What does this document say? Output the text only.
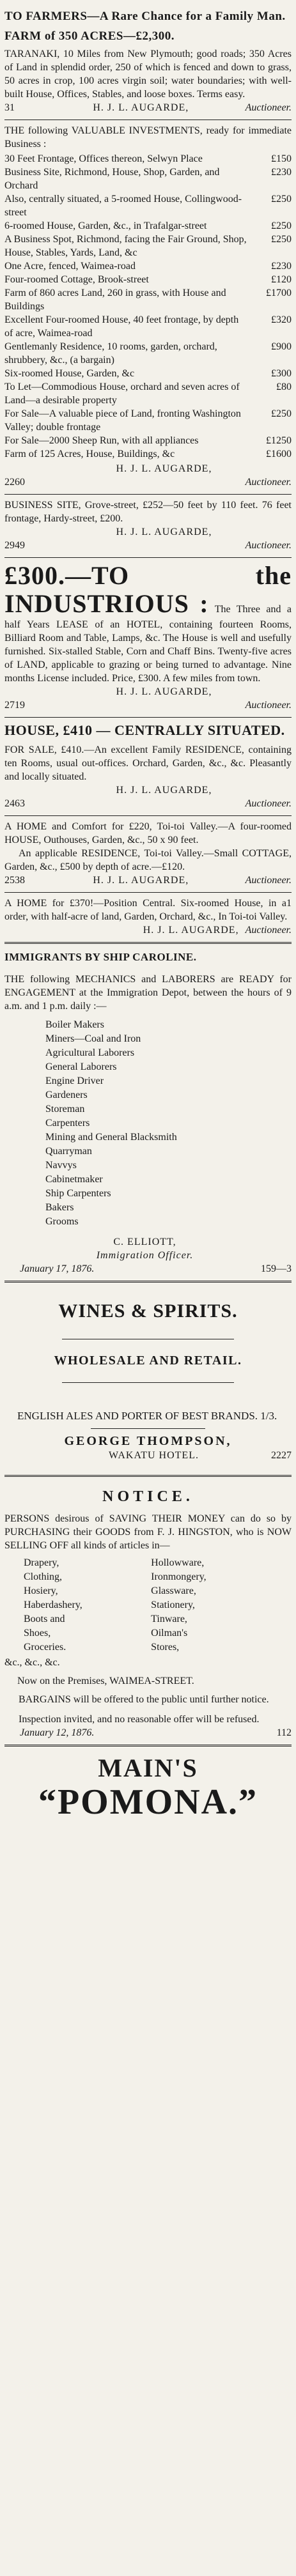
TO FARMERS—A Rare Chance for a Family Man.

FARM of 350 ACRES—£2,300.

TARANAKI, 10 Miles from New Plymouth; good roads; 350 Acres of Land in splendid order, 250 of which is fenced and down to grass, 50 acres in crop, 100 acres virgin soil; water boundaries; with well-built House, Offices, Stables, and loose boxes. Terms easy.

31	H. J. L. AUGARDE,	Auctioneer.

THE following VALUABLE INVESTMENTS, ready for immediate Business :

30 Feet Frontage, Offices thereon, Selwyn Place	£150
Business Site, Richmond, House, Shop, Garden, and Orchard
£230
Also, centrally situated, a 5-roomed House, Collingwood-street
£250
6-roomed House, Garden, &c., in Trafalgar-street	£250
A Business Spot, Richmond, facing the Fair Ground, Shop, House, Stables, Yards, Land, &c
£250
One Acre, fenced, Waimea-road	£230
Four-roomed Cottage, Brook-street	£120
Farm of 860 acres Land, 260 in grass, with House and Buildings
£1700
Excellent Four-roomed House, 40 feet frontage, by depth of acre, Waimea-road
£320
Gentlemanly Residence, 10 rooms, garden, orchard, shrubbery, &c., (a bargain)
£900
Six-roomed House, Garden, &c	£300
To Let—Commodious House, orchard and seven acres of Land—a desirable property
£80
For Sale—A valuable piece of Land, fronting Washington Valley; double frontage
£250
For Sale—2000 Sheep Run, with all appliances	£1250
Farm of 125 Acres, House, Buildings, &c	£1600
H. J. L. AUGARDE,
2260	Auctioneer.

BUSINESS SITE, Grove-street, £252—50 feet by 110 feet. 76 feet frontage, Hardy-street, £200.

H. J. L. AUGARDE,
2949	Auctioneer.

£300.—TO the INDUSTRIOUS : The Three and a half Years LEASE of an HOTEL, containing fourteen Rooms, Billiard Room and Table, Lamps, &c. The House is well and usefully furnished. Six-stalled Stable, Corn and Chaff Bins. Twenty-five acres of LAND, applicable to grazing or being turned to advantage. Nine months License included. Price, £300. A few miles from town.

H. J. L. AUGARDE,
2719	Auctioneer.

HOUSE, £410 — CENTRALLY SITUATED.

FOR SALE, £410.—An excellent Family RESIDENCE, containing ten Rooms, usual out-offices. Orchard, Garden, &c., &c. Pleasantly and locally situated.

H. J. L. AUGARDE,
2463	Auctioneer.

A HOME and Comfort for £220, Toi-toi Valley.—A four-roomed HOUSE, Outhouses, Garden, &c., 50 x 90 feet.

An applicable RESIDENCE, Toi-toi Valley.—Small COTTAGE, Garden, &c., £500 by depth of acre.—£120.

2538	H. J. L. AUGARDE,	Auctioneer.

A HOME for £370!—Position Central. Six-roomed House, in a1 order, with half-acre of land, Garden, Orchard, &c., In Toi-toi Valley.

H. J. L. AUGARDE, Auctioneer.

IMMIGRANTS BY SHIP CAROLINE.

THE following MECHANICS and LABORERS are READY for ENGAGEMENT at the Immigration Depot, between the hours of 9 a.m. and 1 p.m. daily :—

Boiler Makers
Miners—Coal and Iron
Agricultural Laborers
General Laborers
Engine Driver
Gardeners
Storeman
Carpenters
Mining and General Blacksmith
Quarryman
Navvys
Cabinetmaker
Ship Carpenters
Bakers
Grooms
C. ELLIOTT,
Immigration Officer.
January 17, 1876.	159—3
WINES & SPIRITS.
WHOLESALE AND RETAIL.

ENGLISH ALES AND PORTER OF BEST BRANDS. 1/3.

GEORGE THOMPSON,
WAKATU HOTEL.	2227
NOTICE.

PERSONS desirous of SAVING THEIR MONEY can do so by PURCHASING their GOODS from F. J. HINGSTON, who is NOW SELLING OFF all kinds of articles in—

Drapery,
Clothing,
Hosiery,
Haberdashery,
Boots and Shoes,
Groceries.
Hollowware,
Ironmongery,
Glassware,
Stationery,
Tinware,
Oilman's Stores,

&c., &c., &c.

Now on the Premises, WAIMEA-STREET.

BARGAINS will be offered to the public until further notice.

Inspection invited, and no reasonable offer will be refused.

January 12, 1876.	112
MAIN'S
“POMONA.”
